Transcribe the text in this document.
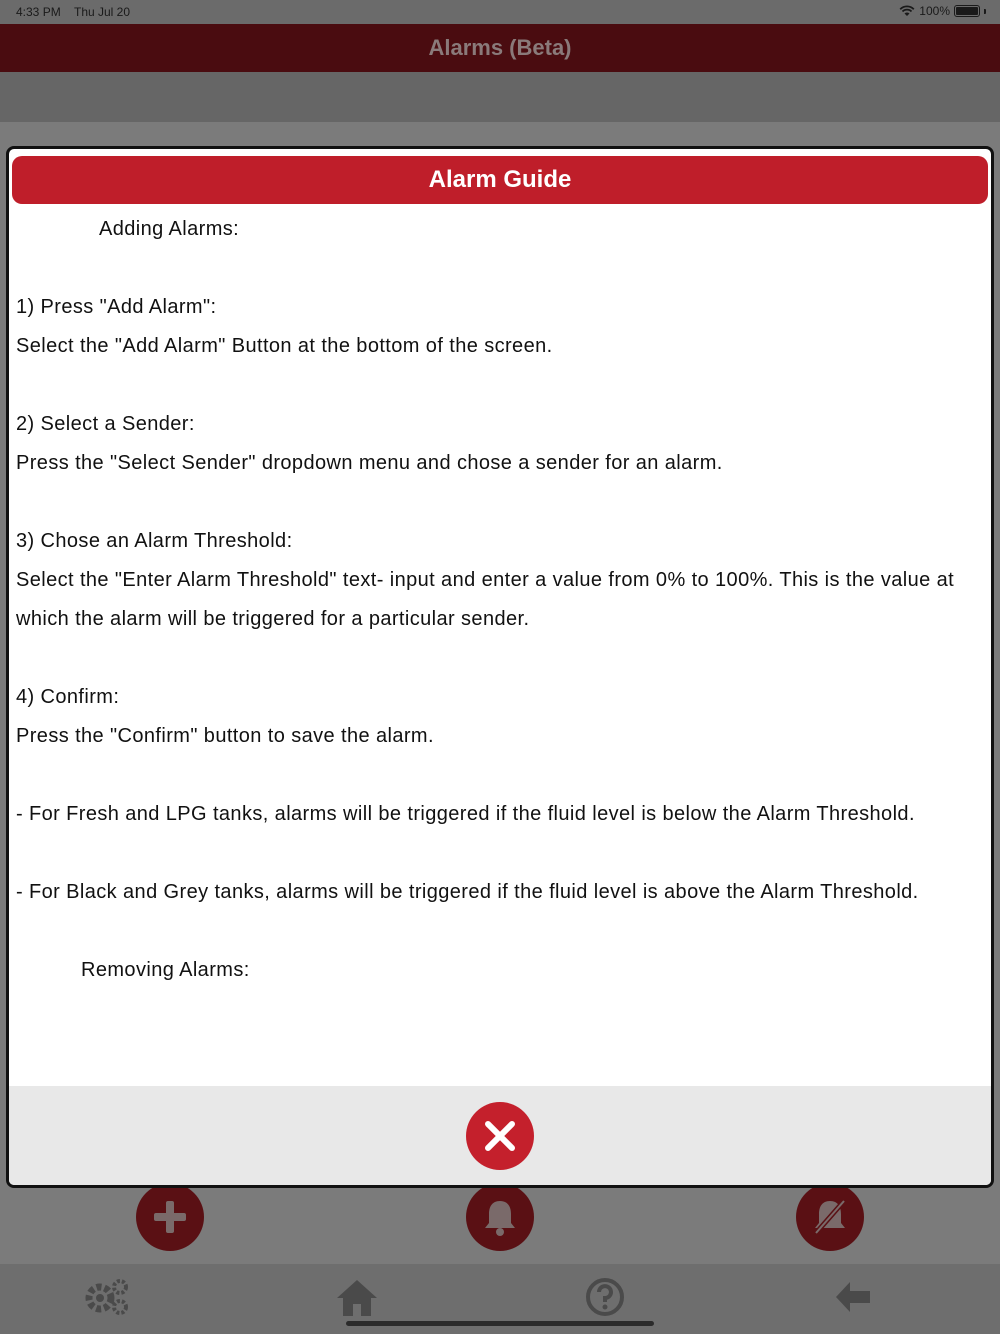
4:33 PM Thu Jul 20	100%
Alarms (Beta)
Alarm Guide

Adding Alarms:

1) Press "Add Alarm":

Select the "Add Alarm" Button at the bottom of the screen.

2) Select a Sender:

Press the "Select Sender" dropdown menu and chose a sender for an alarm.

3) Chose an Alarm Threshold:

Select the "Enter Alarm Threshold" text- input and enter a value from 0% to 100%. This is the value at which the alarm will be triggered for a particular sender.

4) Confirm:

Press the "Confirm" button to save the alarm.

- For Fresh and LPG tanks, alarms will be triggered if the fluid level is below the Alarm Threshold.

- For Black and Grey tanks, alarms will be triggered if the fluid level is above the Alarm Threshold.

Removing Alarms:
